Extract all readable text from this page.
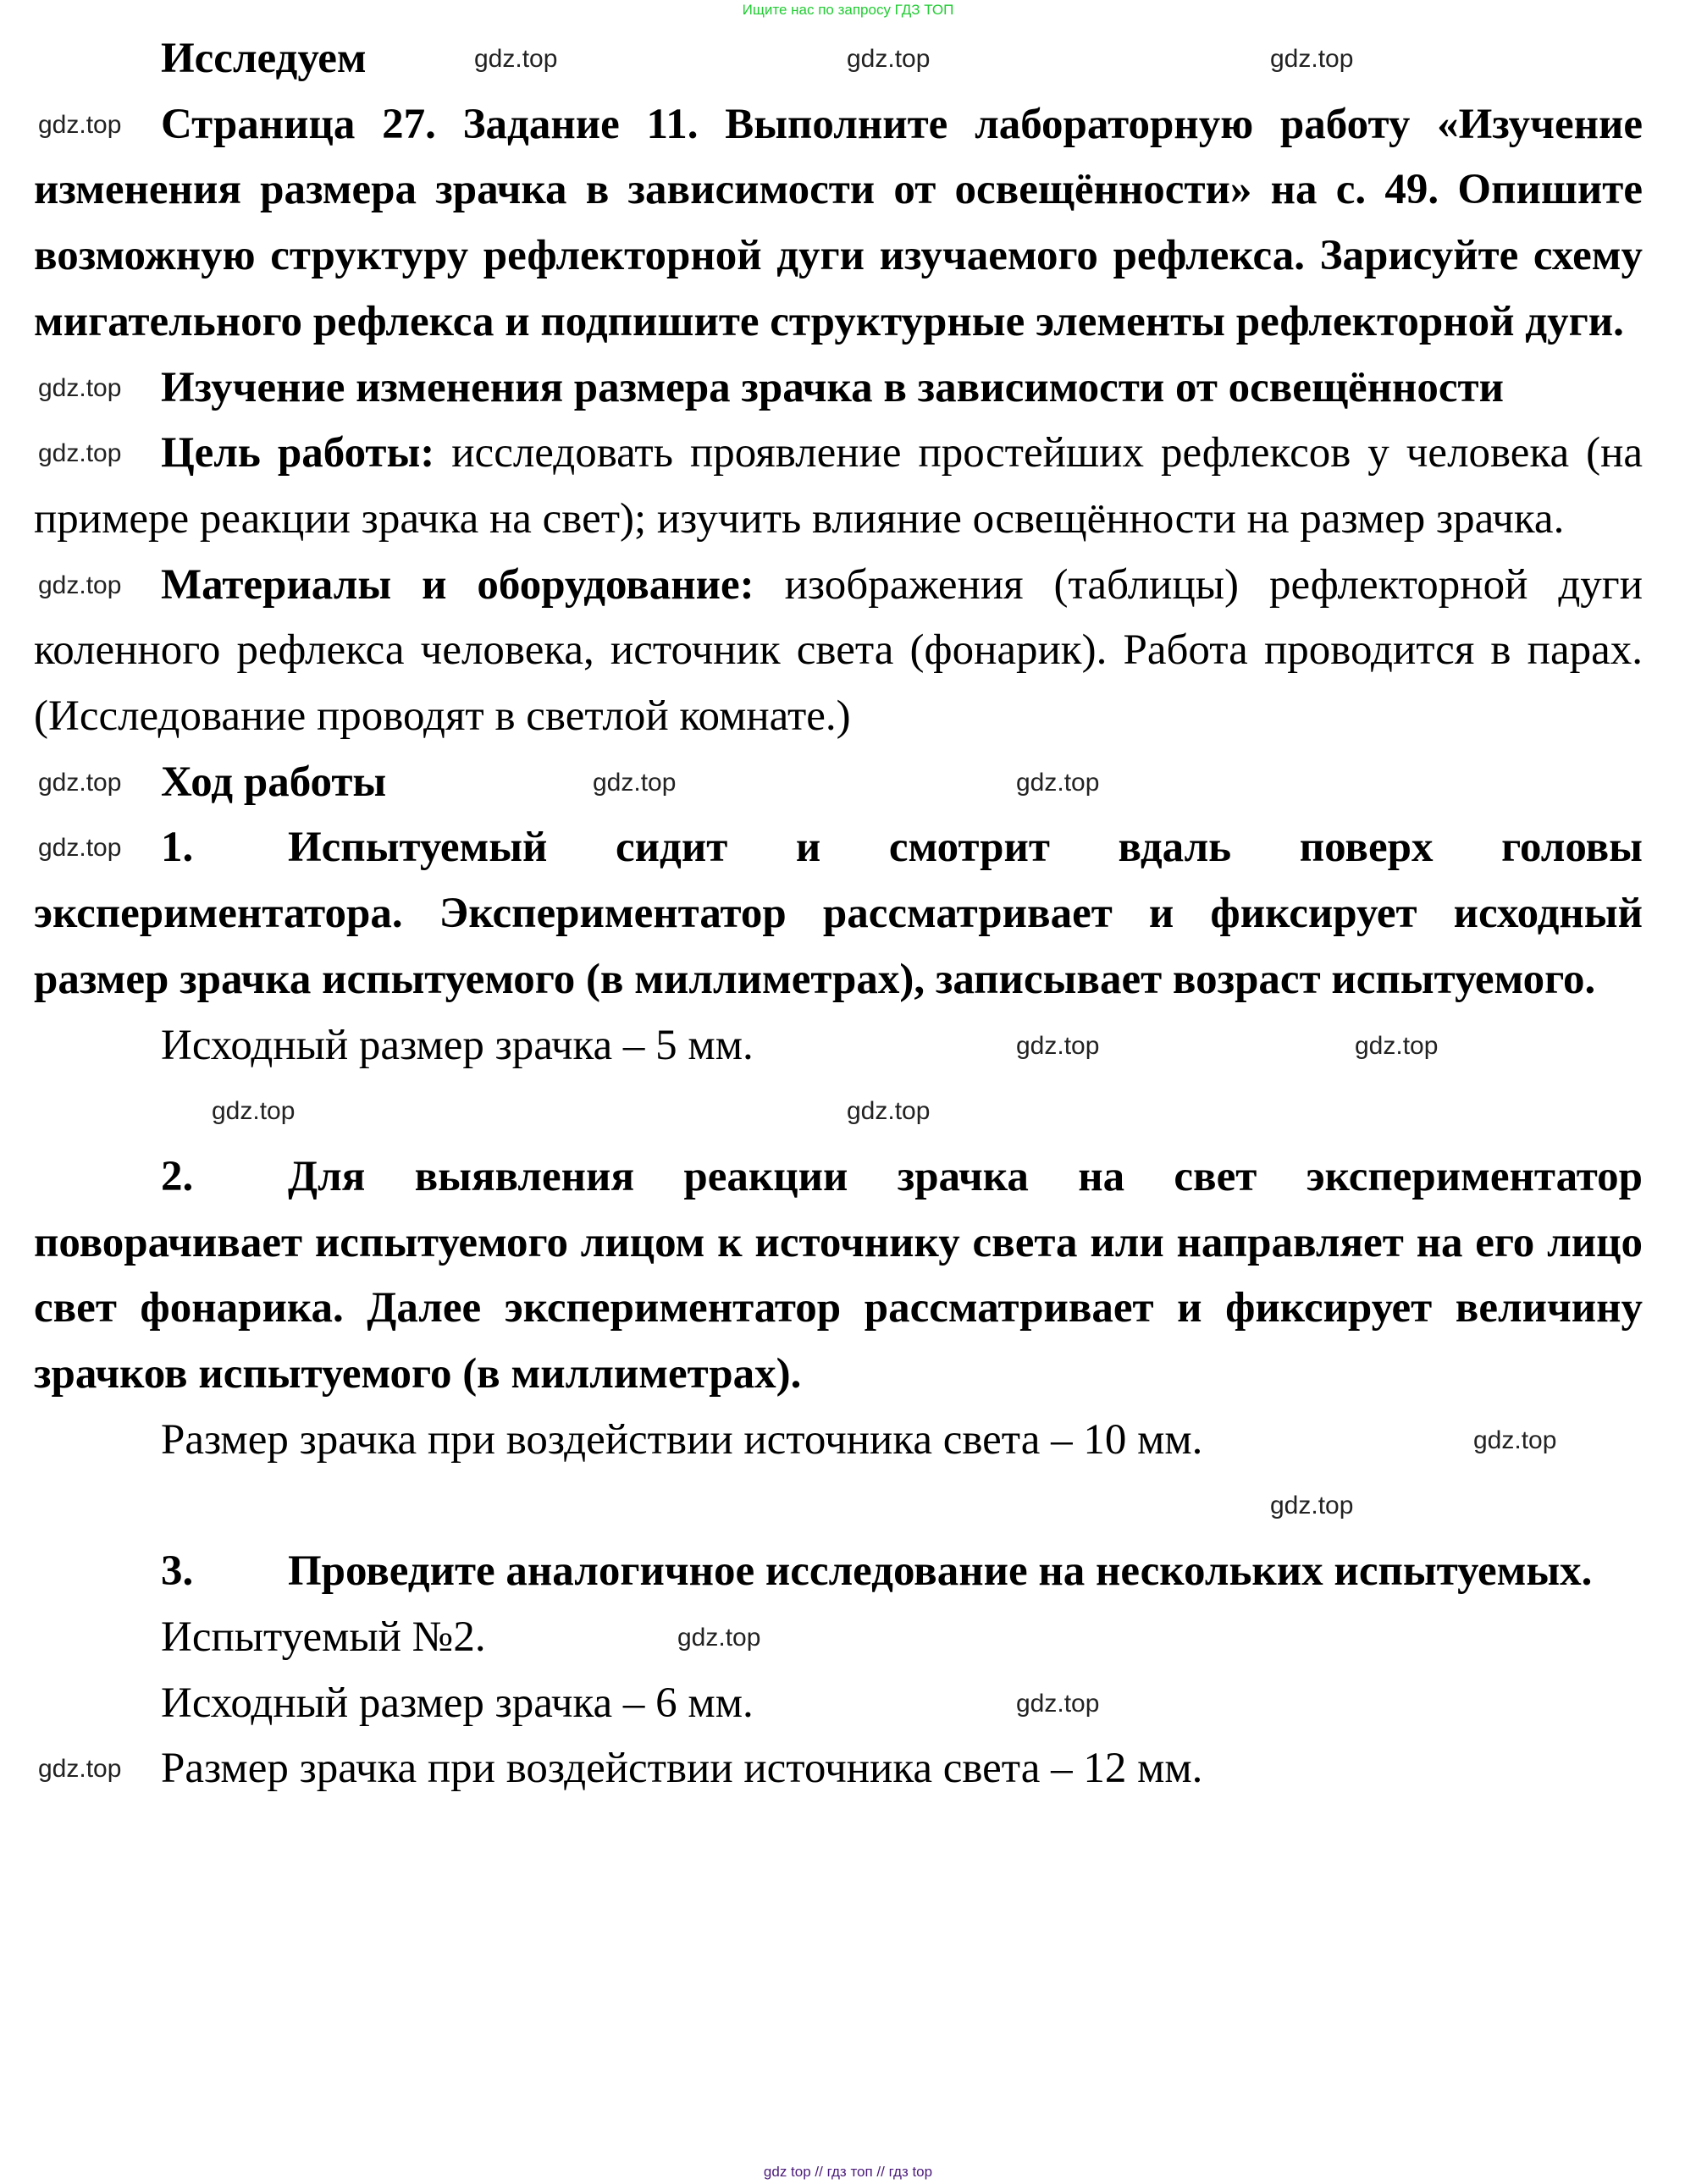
Ищите нас по запросу ГДЗ ТОП

Исследуем	gdz.top	gdz.top	gdz.top

gdz.top Страница 27. Задание 11. Выполните лабораторную работу «Изучение изменения размера зрачка в зависимости от освещённости» на с. 49. Опишите возможную структуру рефлекторной дуги изучаемого рефлекса. Зарисуйте схему мигательного рефлекса и подпишите структурные элементы рефлекторной дуги.

gdz.top Изучение изменения размера зрачка в зависимости от освещённости

gdz.top Цель работы: исследовать проявление простейших рефлексов у человека (на примере реакции зрачка на свет); изучить влияние освещённости на размер зрачка.

gdz.top Материалы и оборудование: изображения (таблицы) рефлекторной дуги коленного рефлекса человека, источник света (фонарик). Работа проводится в парах. (Исследование проводят в светлой комнате.)

gdz.top Ход работы	gdz.top	gdz.top

gdz.top 1. Испытуемый сидит и смотрит вдаль поверх головы экспериментатора. Экспериментатор рассматривает и фиксирует исходный размер зрачка испытуемого (в миллиметрах), записывает возраст испытуемого.

Исходный размер зрачка – 5 мм.	gdz.top	gdz.top

gdz.top	gdz.top

2. Для выявления реакции зрачка на свет экспериментатор поворачивает испытуемого лицом к источнику света или направляет на его лицо свет фонарика. Далее экспериментатор рассматривает и фиксирует величину зрачков испытуемого (в миллиметрах).

Размер зрачка при воздействии источника света – 10 мм.	gdz.top

gdz.top

3. Проведите аналогичное исследование на нескольких испытуемых.

Испытуемый №2.	gdz.top

Исходный размер зрачка – 6 мм.	gdz.top

gdz.top Размер зрачка при воздействии источника света – 12 мм.

gdz top // гдз топ // гдз top
